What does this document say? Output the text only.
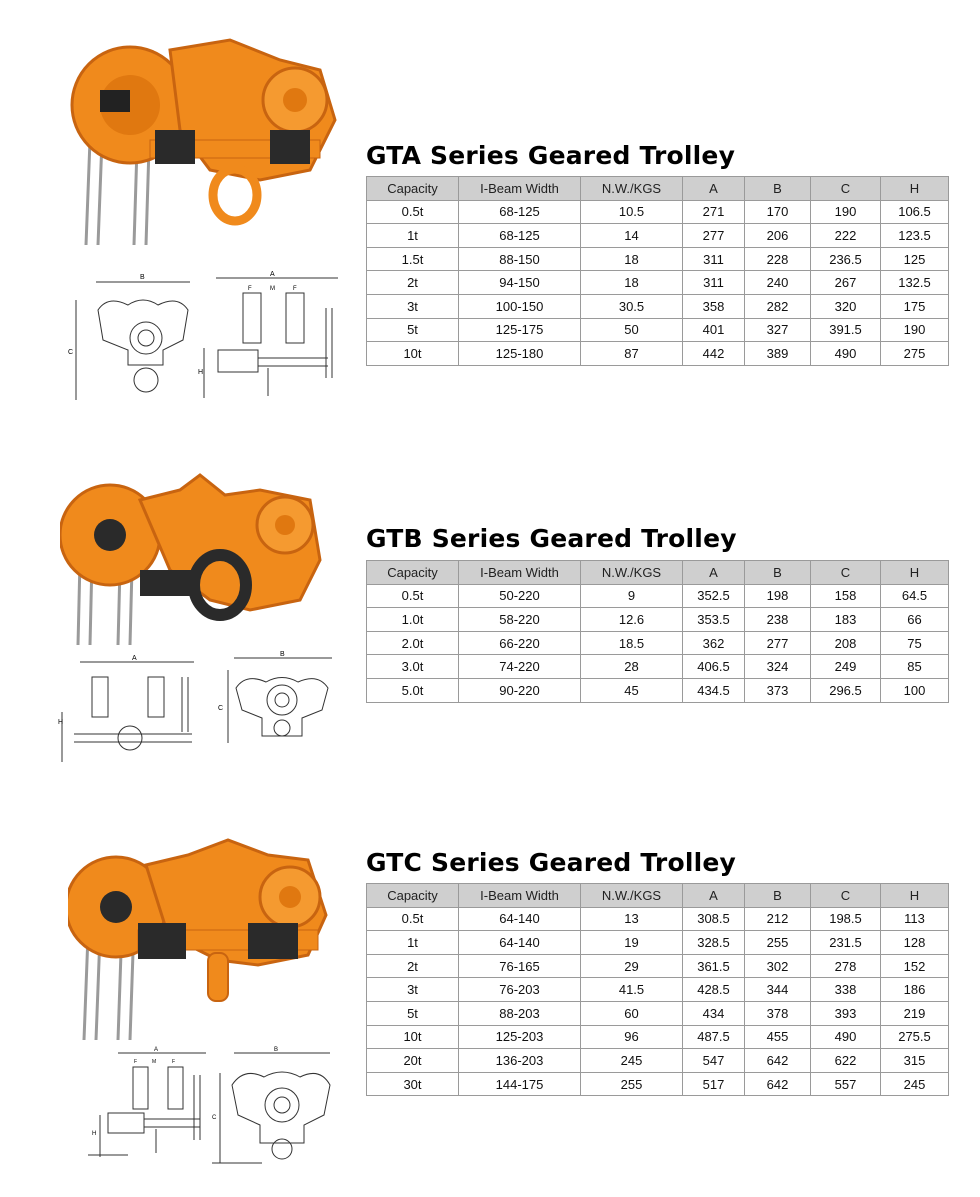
B
C
A
F	M	F
H
GTA Series Geared Trolley
Capacity	I-Beam Width	N.W./KGS	A	B	C	H
0.5t	68-125	10.5	271	170	190	106.5
1t	68-125	14	277	206	222	123.5
1.5t	88-150	18	311	228	236.5	125
2t	94-150	18	311	240	267	132.5
3t	100-150	30.5	358	282	320	175
5t	125-175	50	401	327	391.5	190
10t	125-180	87	442	389	490	275
A
H
B
C
GTB Series Geared Trolley
Capacity	I-Beam Width	N.W./KGS	A	B	C	H
0.5t	50-220	9	352.5	198	158	64.5
1.0t	58-220	12.6	353.5	238	183	66
2.0t	66-220	18.5	362	277	208	75
3.0t	74-220	28	406.5	324	249	85
5.0t	90-220	45	434.5	373	296.5	100
A
F	M	F
H
B
C
GTC Series Geared Trolley
Capacity	I-Beam Width	N.W./KGS	A	B	C	H
0.5t	64-140	13	308.5	212	198.5	113
1t	64-140	19	328.5	255	231.5	128
2t	76-165	29	361.5	302	278	152
3t	76-203	41.5	428.5	344	338	186
5t	88-203	60	434	378	393	219
10t	125-203	96	487.5	455	490	275.5
20t	136-203	245	547	642	622	315
30t	144-175	255	517	642	557	245
